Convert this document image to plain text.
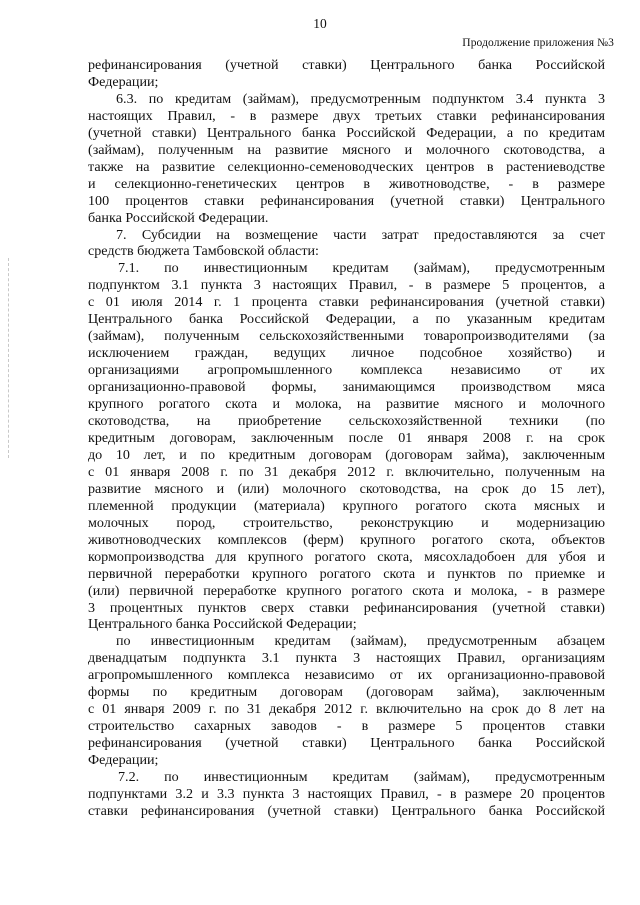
10
Продолжение приложения №3
рефинансирования (учетной ставки) Центрального банка Российской
Федерации;
6.3. по кредитам (займам), предусмотренным подпунктом 3.4 пункта 3
настоящих Правил, - в размере двух третьих ставки рефинансирования
(учетной ставки) Центрального банка Российской Федерации, а по кредитам
(займам), полученным на развитие мясного и молочного скотоводства, а
также на развитие селекционно-семеноводческих центров в растениеводстве
и селекционно-генетических центров в животноводстве, - в размере
100 процентов ставки рефинансирования (учетной ставки) Центрального
банка Российской Федерации.
7. Субсидии на возмещение части затрат предоставляются за счет
средств бюджета Тамбовской области:
7.1. по инвестиционным кредитам (займам), предусмотренным
подпунктом 3.1 пункта 3 настоящих Правил, - в размере 5 процентов, а
с 01 июля 2014 г. 1 процента ставки рефинансирования (учетной ставки)
Центрального банка Российской Федерации, а по указанным кредитам
(займам), полученным сельскохозяйственными товаропроизводителями (за
исключением граждан, ведущих личное подсобное хозяйство) и
организациями агропромышленного комплекса независимо от их
организационно-правовой формы, занимающимся производством мяса
крупного рогатого скота и молока, на развитие мясного и молочного
скотоводства, на приобретение сельскохозяйственной техники (по
кредитным договорам, заключенным после 01 января 2008 г. на срок
до 10 лет, и по кредитным договорам (договорам займа), заключенным
с 01 января 2008 г. по 31 декабря 2012 г. включительно, полученным на
развитие мясного и (или) молочного скотоводства, на срок до 15 лет),
племенной продукции (материала) крупного рогатого скота мясных и
молочных пород, строительство, реконструкцию и модернизацию
животноводческих комплексов (ферм) крупного рогатого скота, объектов
кормопроизводства для крупного рогатого скота, мясохладобоен для убоя и
первичной переработки крупного рогатого скота и пунктов по приемке и
(или) первичной переработке крупного рогатого скота и молока, - в размере
3 процентных пунктов сверх ставки рефинансирования (учетной ставки)
Центрального банка Российской Федерации;
по инвестиционным кредитам (займам), предусмотренным абзацем
двенадцатым подпункта 3.1 пункта 3 настоящих Правил, организациям
агропромышленного комплекса независимо от их организационно-правовой
формы по кредитным договорам (договорам займа), заключенным
с 01 января 2009 г. по 31 декабря 2012 г. включительно на срок до 8 лет на
строительство сахарных заводов - в размере 5 процентов ставки
рефинансирования (учетной ставки) Центрального банка Российской
Федерации;
7.2. по инвестиционным кредитам (займам), предусмотренным
подпунктами 3.2 и 3.3 пункта 3 настоящих Правил, - в размере 20 процентов
ставки рефинансирования (учетной ставки) Центрального банка Российской
